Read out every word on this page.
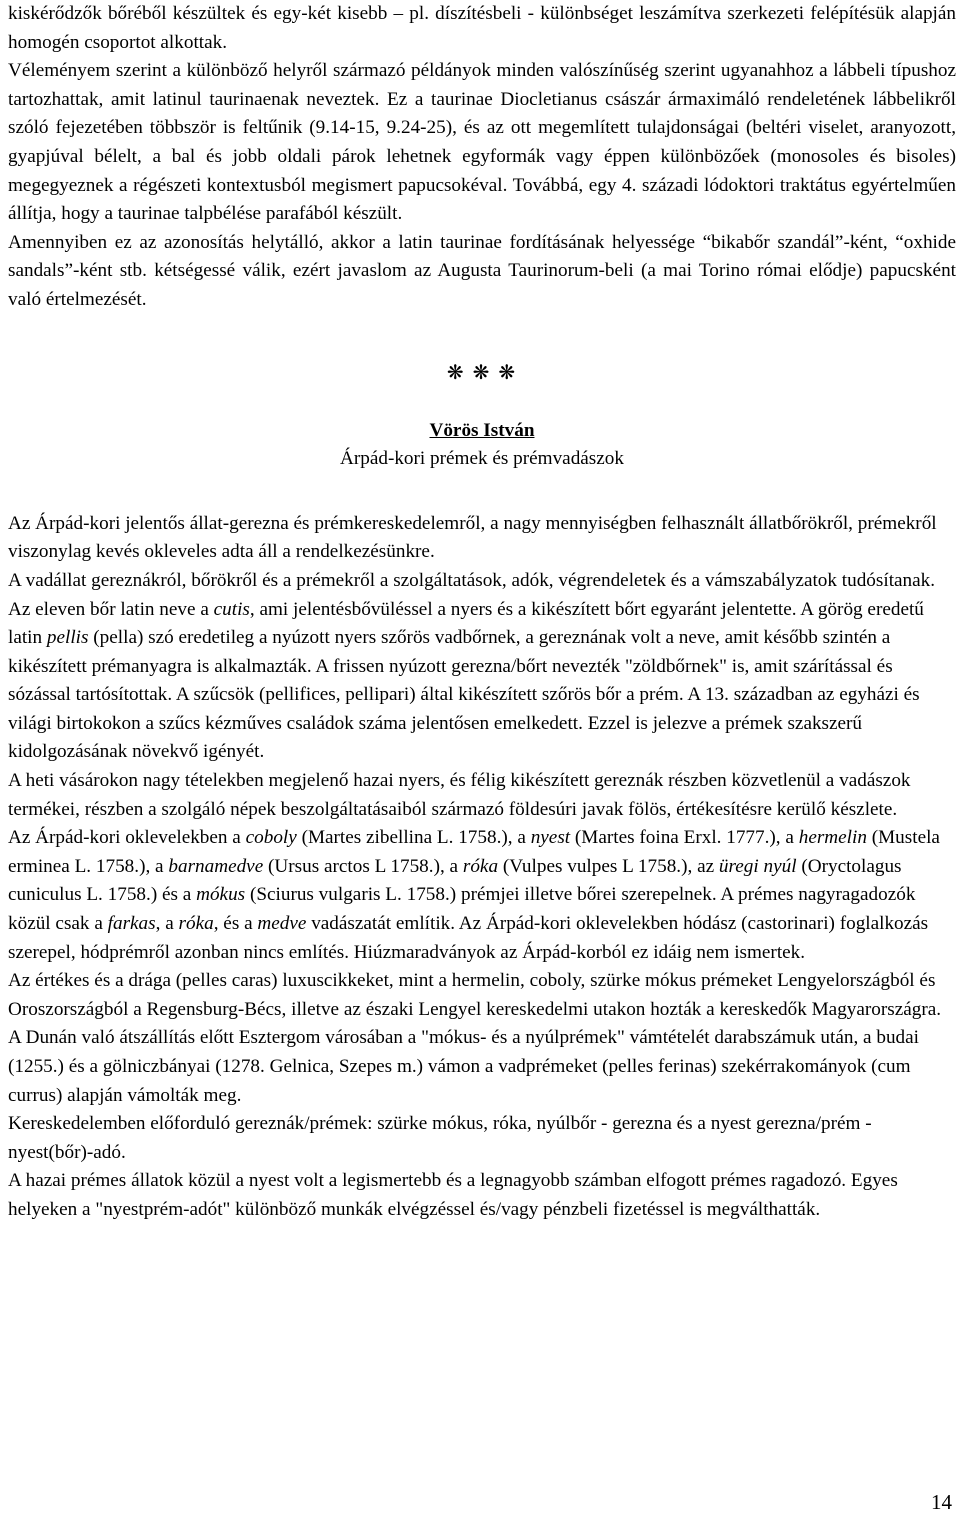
kiskérődzők bőréből készültek és egy-két kisebb – pl. díszítésbeli - különbséget leszámítva szerkezeti felépítésük alapján homogén csoportot alkottak.

Véleményem szerint a különböző helyről származó példányok minden valószínűség szerint ugyanahhoz a lábbeli típushoz tartozhattak, amit latinul taurinaenak neveztek. Ez a taurinae Diocletianus császár ármaximáló rendeletének lábbelikről szóló fejezetében többször is feltűnik (9.14-15, 9.24-25), és az ott megemlített tulajdonságai (beltéri viselet, aranyozott, gyapjúval bélelt, a bal és jobb oldali párok lehetnek egyformák vagy éppen különbözőek (monosoles és bisoles) megegyeznek a régészeti kontextusból megismert papucsokéval. Továbbá, egy 4. századi lódoktori traktátus egyértelműen állítja, hogy a taurinae talpbélése parafából készült.

Amennyiben ez az azonosítás helytálló, akkor a latin taurinae fordításának helyessége “bikabőr szandál”-ként, “oxhide sandals”-ként stb. kétségessé válik, ezért javaslom az Augusta Taurinorum-beli (a mai Torino római elődje) papucsként való értelmezését.

❋ ❋ ❋
Vörös István
Árpád-kori prémek és prémvadászok

Az Árpád-kori jelentős állat-gerezna és prémkereskedelemről, a nagy mennyiségben felhasznált állatbőrökről, prémekről viszonylag kevés okleveles adta áll a rendelkezésünkre.

A vadállat gereznákról, bőrökről és a prémekről a szolgáltatások, adók, végrendeletek és a vámszabályzatok tudósítanak. Az eleven bőr latin neve a cutis, ami jelentésbővüléssel a nyers és a kikészített bőrt egyaránt jelentette. A görög eredetű latin pellis (pella) szó eredetileg a nyúzott nyers szőrös vadbőrnek, a gereznának volt a neve, amit később szintén a kikészített prémanyagra is alkalmazták. A frissen nyúzott gerezna/bőrt nevezték "zöldbőrnek" is, amit szárítással és sózással tartósítottak. A szűcsök (pellifices, pellipari) által kikészített szőrös bőr a prém. A 13. században az egyházi és világi birtokokon a szűcs kézműves családok száma jelentősen emelkedett. Ezzel is jelezve a prémek szakszerű kidolgozásának növekvő igényét.

A heti vásárokon nagy tételekben megjelenő hazai nyers, és félig kikészített gereznák részben közvetlenül a vadászok termékei, részben a szolgáló népek beszolgáltatásaiból származó földesúri javak fölös, értékesítésre kerülő készlete.

Az Árpád-kori oklevelekben a coboly (Martes zibellina L. 1758.), a nyest (Martes foina Erxl. 1777.), a hermelin (Mustela erminea L. 1758.), a barnamedve (Ursus arctos L 1758.), a róka (Vulpes vulpes L 1758.), az üregi nyúl (Oryctolagus cuniculus L. 1758.) és a mókus (Sciurus vulgaris L. 1758.) prémjei illetve bőrei szerepelnek. A prémes nagyragadozók közül csak a farkas, a róka, és a medve vadászatát említik. Az Árpád-kori oklevelekben hódász (castorinari) foglalkozás szerepel, hódprémről azonban nincs említés. Hiúzmaradványok az Árpád-korból ez idáig nem ismertek.

Az értékes és a drága (pelles caras) luxuscikkeket, mint a hermelin, coboly, szürke mókus prémeket Lengyelországból és Oroszországból a Regensburg-Bécs, illetve az északi Lengyel kereskedelmi utakon hozták a kereskedők Magyarországra. A Dunán való átszállítás előtt Esztergom városában a "mókus- és a nyúlprémek" vámtételét darabszámuk után, a budai (1255.) és a gölniczbányai (1278. Gelnica, Szepes m.) vámon a vadprémeket (pelles ferinas) szekérrakományok (cum currus) alapján vámolták meg.

Kereskedelemben előforduló gereznák/prémek: szürke mókus, róka, nyúlbőr - gerezna és a nyest gerezna/prém - nyest(bőr)-adó.

A hazai prémes állatok közül a nyest volt a legismertebb és a legnagyobb számban elfogott prémes ragadozó. Egyes helyeken a "nyestprém-adót" különböző munkák elvégzéssel és/vagy pénzbeli fizetéssel is megválthatták.

14
